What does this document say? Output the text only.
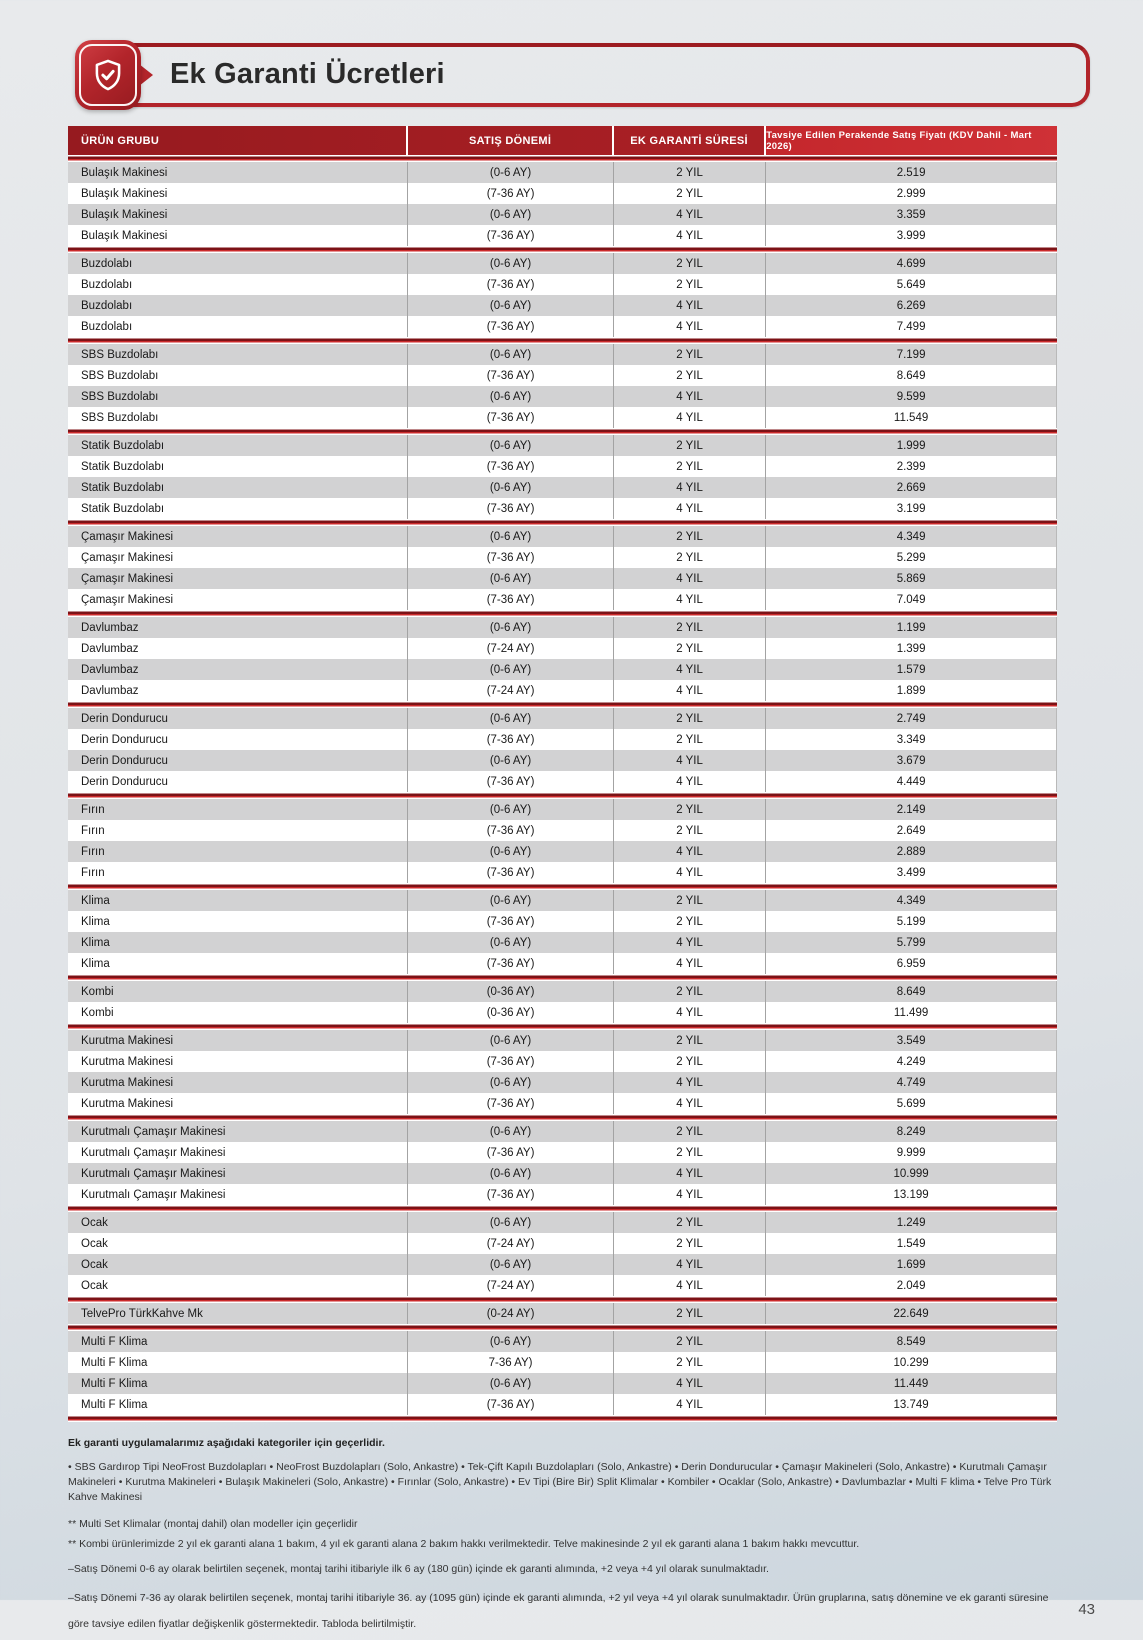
Ek Garanti Ücretleri
ÜRÜN GRUBU	SATIŞ DÖNEMİ	EK GARANTİ SÜRESİ	Tavsiye Edilen Perakende Satış Fiyatı (KDV Dahil - Mart 2026)
Bulaşık Makinesi	(0-6 AY)	2 YIL	2.519
Bulaşık Makinesi	(7-36 AY)	2 YIL	2.999
Bulaşık Makinesi	(0-6 AY)	4 YIL	3.359
Bulaşık Makinesi	(7-36 AY)	4 YIL	3.999
Buzdolabı	(0-6 AY)	2 YIL	4.699
Buzdolabı	(7-36 AY)	2 YIL	5.649
Buzdolabı	(0-6 AY)	4 YIL	6.269
Buzdolabı	(7-36 AY)	4 YIL	7.499
SBS Buzdolabı	(0-6 AY)	2 YIL	7.199
SBS Buzdolabı	(7-36 AY)	2 YIL	8.649
SBS Buzdolabı	(0-6 AY)	4 YIL	9.599
SBS Buzdolabı	(7-36 AY)	4 YIL	11.549
Statik Buzdolabı	(0-6 AY)	2 YIL	1.999
Statik Buzdolabı	(7-36 AY)	2 YIL	2.399
Statik Buzdolabı	(0-6 AY)	4 YIL	2.669
Statik Buzdolabı	(7-36 AY)	4 YIL	3.199
Çamaşır Makinesi	(0-6 AY)	2 YIL	4.349
Çamaşır Makinesi	(7-36 AY)	2 YIL	5.299
Çamaşır Makinesi	(0-6 AY)	4 YIL	5.869
Çamaşır Makinesi	(7-36 AY)	4 YIL	7.049
Davlumbaz	(0-6 AY)	2 YIL	1.199
Davlumbaz	(7-24 AY)	2 YIL	1.399
Davlumbaz	(0-6 AY)	4 YIL	1.579
Davlumbaz	(7-24 AY)	4 YIL	1.899
Derin Dondurucu	(0-6 AY)	2 YIL	2.749
Derin Dondurucu	(7-36 AY)	2 YIL	3.349
Derin Dondurucu	(0-6 AY)	4 YIL	3.679
Derin Dondurucu	(7-36 AY)	4 YIL	4.449
Fırın	(0-6 AY)	2 YIL	2.149
Fırın	(7-36 AY)	2 YIL	2.649
Fırın	(0-6 AY)	4 YIL	2.889
Fırın	(7-36 AY)	4 YIL	3.499
Klima	(0-6 AY)	2 YIL	4.349
Klima	(7-36 AY)	2 YIL	5.199
Klima	(0-6 AY)	4 YIL	5.799
Klima	(7-36 AY)	4 YIL	6.959
Kombi	(0-36 AY)	2 YIL	8.649
Kombi	(0-36 AY)	4 YIL	11.499
Kurutma Makinesi	(0-6 AY)	2 YIL	3.549
Kurutma Makinesi	(7-36 AY)	2 YIL	4.249
Kurutma Makinesi	(0-6 AY)	4 YIL	4.749
Kurutma Makinesi	(7-36 AY)	4 YIL	5.699
Kurutmalı Çamaşır Makinesi	(0-6 AY)	2 YIL	8.249
Kurutmalı Çamaşır Makinesi	(7-36 AY)	2 YIL	9.999
Kurutmalı Çamaşır Makinesi	(0-6 AY)	4 YIL	10.999
Kurutmalı Çamaşır Makinesi	(7-36 AY)	4 YIL	13.199
Ocak	(0-6 AY)	2 YIL	1.249
Ocak	(7-24 AY)	2 YIL	1.549
Ocak	(0-6 AY)	4 YIL	1.699
Ocak	(7-24 AY)	4 YIL	2.049
TelvePro TürkKahve Mk	(0-24 AY)	2 YIL	22.649
Multi F Klima	(0-6 AY)	2 YIL	8.549
Multi F Klima	7-36 AY)	2 YIL	10.299
Multi F Klima	(0-6 AY)	4 YIL	11.449
Multi F Klima	(7-36 AY)	4 YIL	13.749

Ek garanti uygulamalarımız aşağıdaki kategoriler için geçerlidir.

• SBS Gardırop Tipi NeoFrost Buzdolapları • NeoFrost Buzdolapları (Solo, Ankastre) • Tek-Çift Kapılı Buzdolapları (Solo, Ankastre) • Derin Dondurucular • Çamaşır Makineleri (Solo, Ankastre) • Kurutmalı Çamaşır Makineleri • Kurutma Makineleri • Bulaşık Makineleri (Solo, Ankastre) • Fırınlar (Solo, Ankastre) • Ev Tipi (Bire Bir) Split Klimalar • Kombiler • Ocaklar (Solo, Ankastre) • Davlumbazlar • Multi F klima • Telve Pro Türk Kahve Makinesi

** Multi Set Klimalar (montaj dahil) olan modeller için geçerlidir

** Kombi ürünlerimizde 2 yıl ek garanti alana 1 bakım, 4 yıl ek garanti alana 2 bakım hakkı verilmektedir. Telve makinesinde 2 yıl ek garanti alana 1 bakım hakkı mevcuttur.

–Satış Dönemi 0-6 ay olarak belirtilen seçenek, montaj tarihi itibariyle ilk 6 ay (180 gün) içinde ek garanti alımında, +2 veya +4 yıl olarak sunulmaktadır.

–Satış Dönemi 7-36 ay olarak belirtilen seçenek, montaj tarihi itibariyle 36. ay (1095 gün) içinde ek garanti alımında, +2 yıl veya +4 yıl olarak sunulmaktadır. Ürün gruplarına, satış dönemine ve ek garanti süresine göre tavsiye edilen fiyatlar değişkenlik göstermektedir. Tabloda belirtilmiştir.

43
